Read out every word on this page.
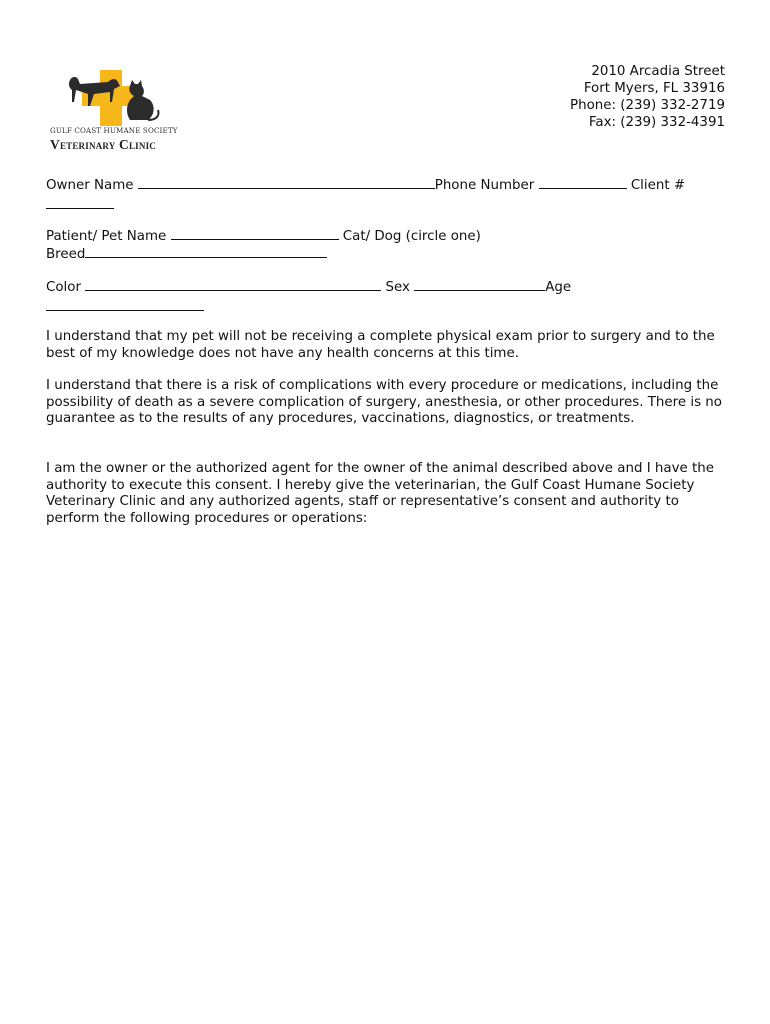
GULF COAST HUMANE SOCIETY
Veterinary Clinic
2010 Arcadia Street
Fort Myers, FL 33916
Phone: (239) 332-2719
Fax: (239) 332-4391
Owner Name	Phone Number	Client #
Patient/ Pet Name	Cat/ Dog (circle one)
Breed
Color	Sex	Age
I understand that my pet will not be receiving a complete physical exam prior to surgery and to the best of my knowledge does not have any health concerns at this time.
I understand that there is a risk of complications with every procedure or medications, including the possibility of death as a severe complication of surgery, anesthesia, or other procedures. There is no guarantee as to the results of any procedures, vaccinations, diagnostics, or treatments.
I am the owner or the authorized agent for the owner of the animal described above and I have the authority to execute this consent. I hereby give the veterinarian, the Gulf Coast Humane Society Veterinary Clinic and any authorized agents, staff or representative’s consent and authority to perform the following procedures or operations:
